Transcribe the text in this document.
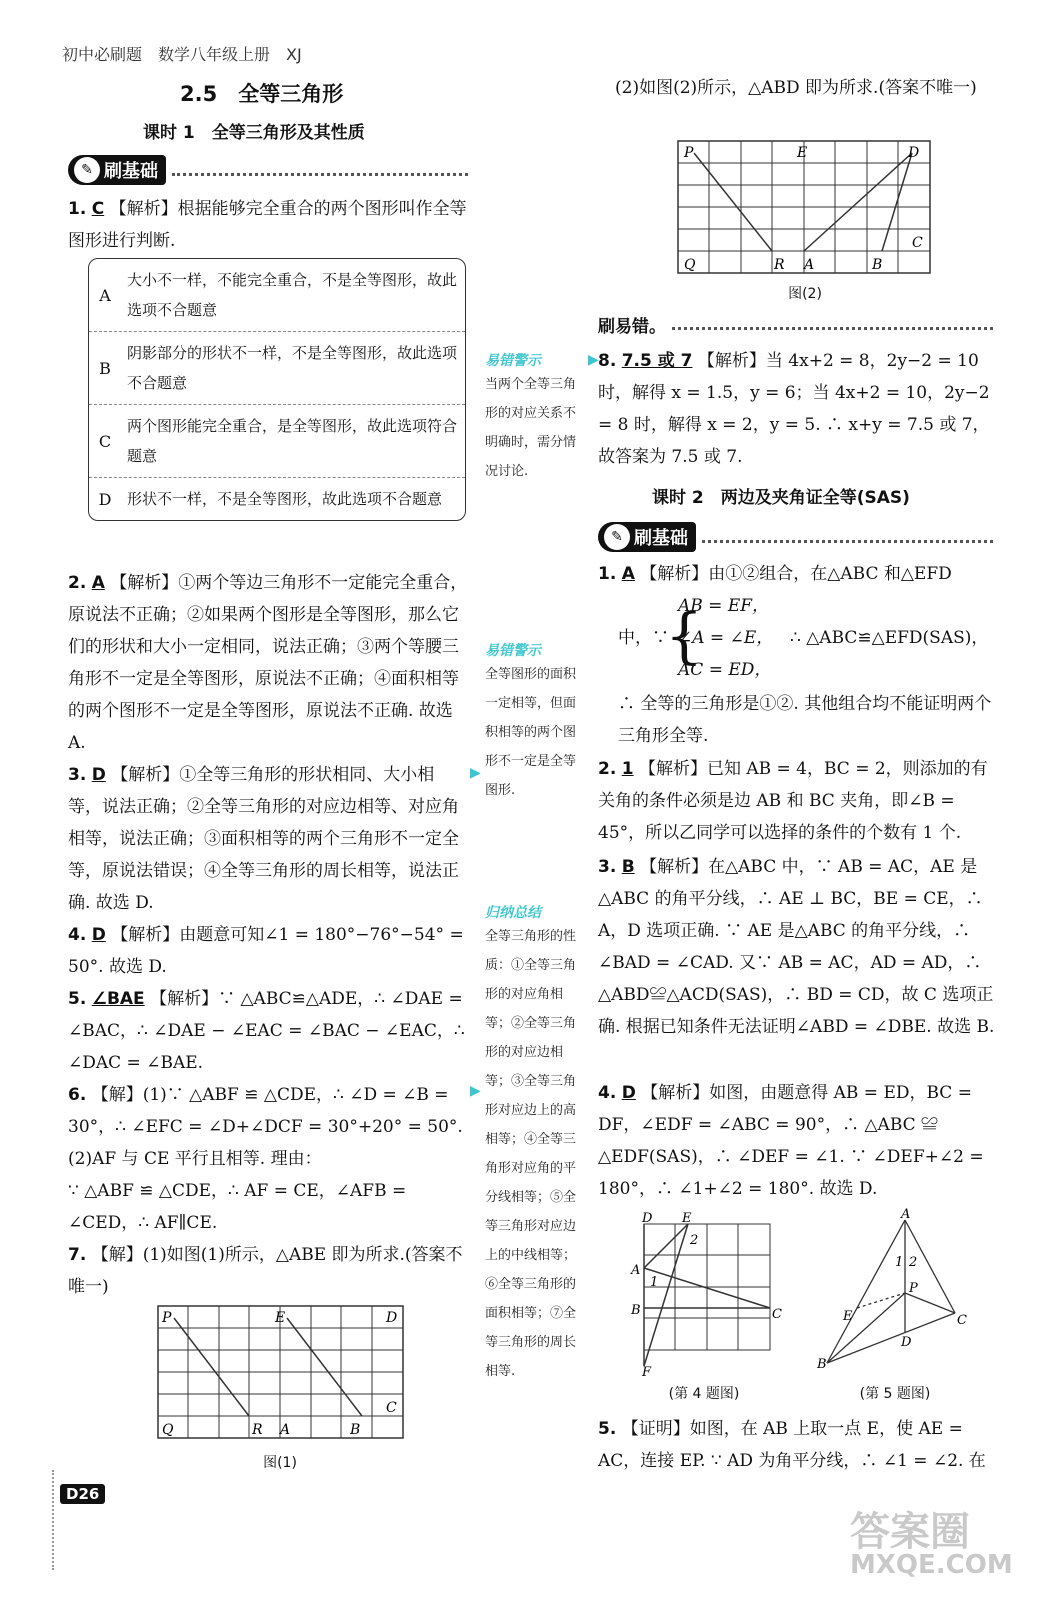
初中必刷题　数学八年级上册　XJ
2.5　全等三角形
课时 1　全等三角形及其性质
✎ 刷基础
1. C 【解析】根据能够完全重合的两个图形叫作全等图形进行判断.
A
大小不一样，不能完全重合，不是全等图形，故此选项不合题意
B
阴影部分的形状不一样，不是全等图形，故此选项不合题意
C
两个图形能完全重合，是全等图形，故此选项符合题意
D	形状不一样，不是全等图形，故此选项不合题意
2. A 【解析】①两个等边三角形不一定能完全重合，原说法不正确；②如果两个图形是全等图形，那么它们的形状和大小一定相同，说法正确；③两个等腰三角形不一定是全等图形，原说法不正确；④面积相等的两个图形不一定是全等图形，原说法不正确. 故选 A.
3. D 【解析】①全等三角形的形状相同、大小相等，说法正确；②全等三角形的对应边相等、对应角相等，说法正确；③面积相等的两个三角形不一定全等，原说法错误；④全等三角形的周长相等，说法正确. 故选 D.
4. D 【解析】由题意可知∠1 = 180°−76°−54° = 50°. 故选 D.
5. ∠BAE 【解析】∵ △ABC≌△ADE，∴ ∠DAE = ∠BAC，∴ ∠DAE − ∠EAC = ∠BAC − ∠EAC，∴ ∠DAC = ∠BAE.
6. 【解】(1)∵ △ABF ≌ △CDE，∴ ∠D = ∠B = 30°，∴ ∠EFC = ∠D+∠DCF = 30°+20° = 50°.
(2)AF 与 CE 平行且相等. 理由：
∵ △ABF ≌ △CDE，∴ AF = CE，∠AFB = ∠CED，∴ AF∥CE.
7. 【解】(1)如图(1)所示，△ABE 即为所求.(答案不唯一)
P
Q	R A
E
B
D
C
图(1)
易错警示
当两个全等三角形的对应关系不明确时，需分情况讨论.
▶
易错警示
全等图形的面积一定相等，但面积相等的两个图形不一定是全等图形.
▶
归纳总结
全等三角形的性质：①全等三角形的对应角相等；②全等三角形的对应边相等；③全等三角形对应边上的高相等；④全等三角形对应角的平分线相等；⑤全等三角形对应边上的中线相等；⑥全等三角形的面积相等；⑦全等三角形的周长相等.
▶
(2)如图(2)所示，△ABD 即为所求.(答案不唯一)
P
Q	R A
E
B
D
C
图(2)
刷易错。
8. 7.5 或 7 【解析】当 4x+2 = 8，2y−2 = 10 时，解得 x = 1.5，y = 6；当 4x+2 = 10，2y−2 = 8 时，解得 x = 2，y = 5. ∴ x+y = 7.5 或 7，故答案为 7.5 或 7.
课时 2　两边及夹角证全等(SAS)
✎ 刷基础
1. A 【解析】由①②组合，在△ABC 和△EFD
中，∵
{
AB = EF，
∠A = ∠E，
AC = ED，
∴ △ABC≌△EFD(SAS)，
∴ 全等的三角形是①②. 其他组合均不能证明两个三角形全等.
2. 1 【解析】已知 AB = 4，BC = 2，则添加的有关角的条件必须是边 AB 和 BC 夹角，即∠B = 45°，所以乙同学可以选择的条件的个数有 1 个.
3. B 【解析】在△ABC 中，∵ AB = AC，AE 是△ABC 的角平分线，∴ AE ⊥ BC，BE = CE，∴ A，D 选项正确. ∵ AE 是△ABC 的角平分线，∴ ∠BAD = ∠CAD. 又∵ AB = AC，AD = AD，∴ △ABD≌△ACD(SAS)，∴ BD = CD，故 C 选项正确. 根据已知条件无法证明∠ABD = ∠DBE. 故选 B.
4. D 【解析】如图，由题意得 AB = ED，BC = DF，∠EDF = ∠ABC = 90°，∴ △ABC ≌ △EDF(SAS)，∴ ∠DEF = ∠1. ∵ ∠DEF+∠2 = 180°，∴ ∠1+∠2 = 180°. 故选 D.
D E
2
A
1
B	C
F
(第 4 题图)
A
1 2
P
E	C
D
B
(第 5 题图)
5. 【证明】如图，在 AB 上取一点 E，使 AE = AC，连接 EP. ∵ AD 为角平分线，∴ ∠1 = ∠2. 在
D26
答案圈
MXQE.COM
